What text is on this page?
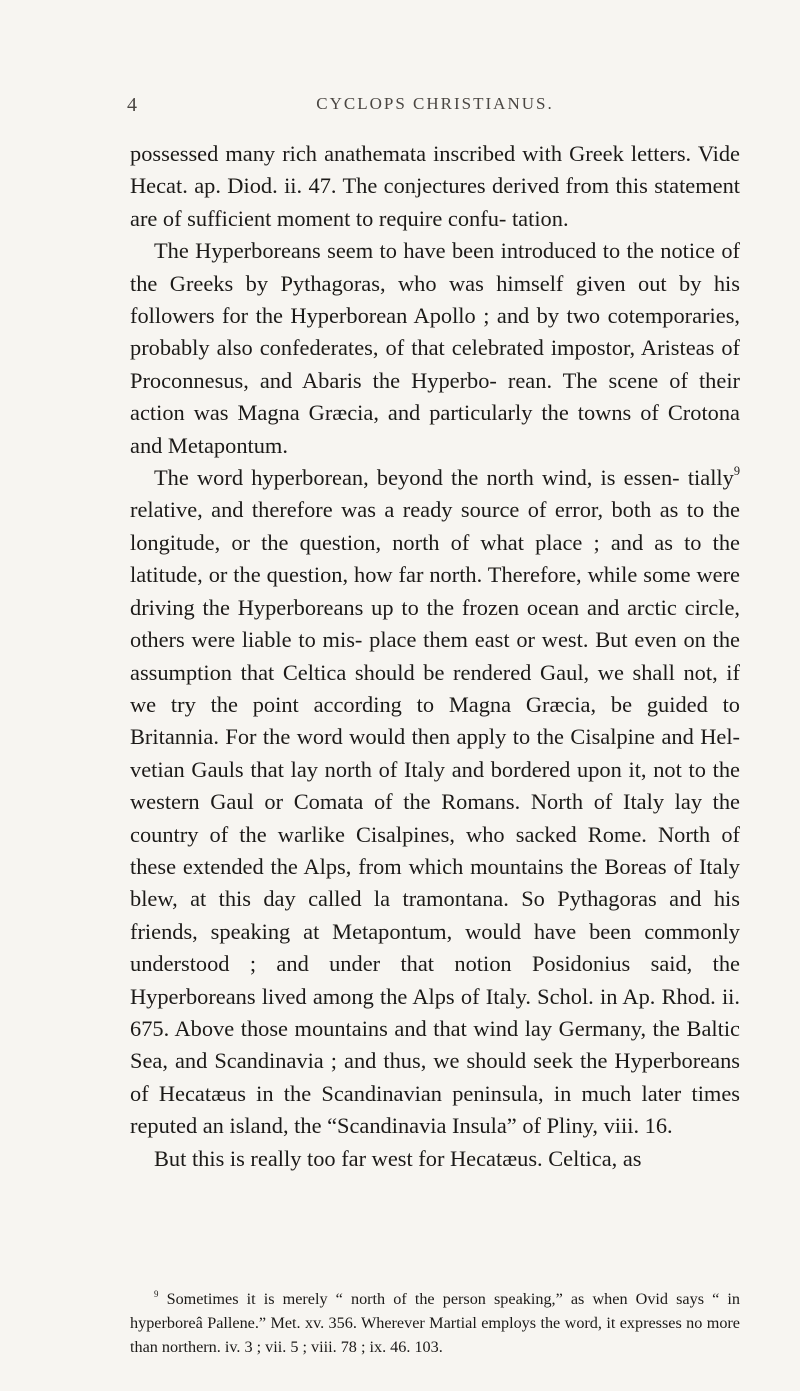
4	CYCLOPS CHRISTIANUS.

possessed many rich anathemata inscribed with Greek letters. Vide Hecat. ap. Diod. ii. 47. The conjectures derived from this statement are of sufficient moment to require confu- tation.

The Hyperboreans seem to have been introduced to the notice of the Greeks by Pythagoras, who was himself given out by his followers for the Hyperborean Apollo ; and by two cotemporaries, probably also confederates, of that celebrated impostor, Aristeas of Proconnesus, and Abaris the Hyperbo- rean. The scene of their action was Magna Græcia, and particularly the towns of Crotona and Metapontum.

The word hyperborean, beyond the north wind, is essen- tially$^9$ relative, and therefore was a ready source of error, both as to the longitude, or the question, north of what place ; and as to the latitude, or the question, how far north. Therefore, while some were driving the Hyperboreans up to the frozen ocean and arctic circle, others were liable to mis- place them east or west. But even on the assumption that Celtica should be rendered Gaul, we shall not, if we try the point according to Magna Græcia, be guided to Britannia. For the word would then apply to the Cisalpine and Hel- vetian Gauls that lay north of Italy and bordered upon it, not to the western Gaul or Comata of the Romans. North of Italy lay the country of the warlike Cisalpines, who sacked Rome. North of these extended the Alps, from which mountains the Boreas of Italy blew, at this day called la tramontana. So Pythagoras and his friends, speaking at Metapontum, would have been commonly understood ; and under that notion Posidonius said, the Hyperboreans lived among the Alps of Italy. Schol. in Ap. Rhod. ii. 675. Above those mountains and that wind lay Germany, the Baltic Sea, and Scandinavia ; and thus, we should seek the Hyperboreans of Hecatæus in the Scandinavian peninsula, in much later times reputed an island, the “Scandinavia Insula” of Pliny, viii. 16.

But this is really too far west for Hecatæus. Celtica, as

$^9$ Sometimes it is merely “ north of the person speaking,” as when Ovid says “ in hyperboreâ Pallene.” Met. xv. 356. Wherever Martial employs the word, it expresses no more than northern. iv. 3 ; vii. 5 ; viii. 78 ; ix. 46. 103.
